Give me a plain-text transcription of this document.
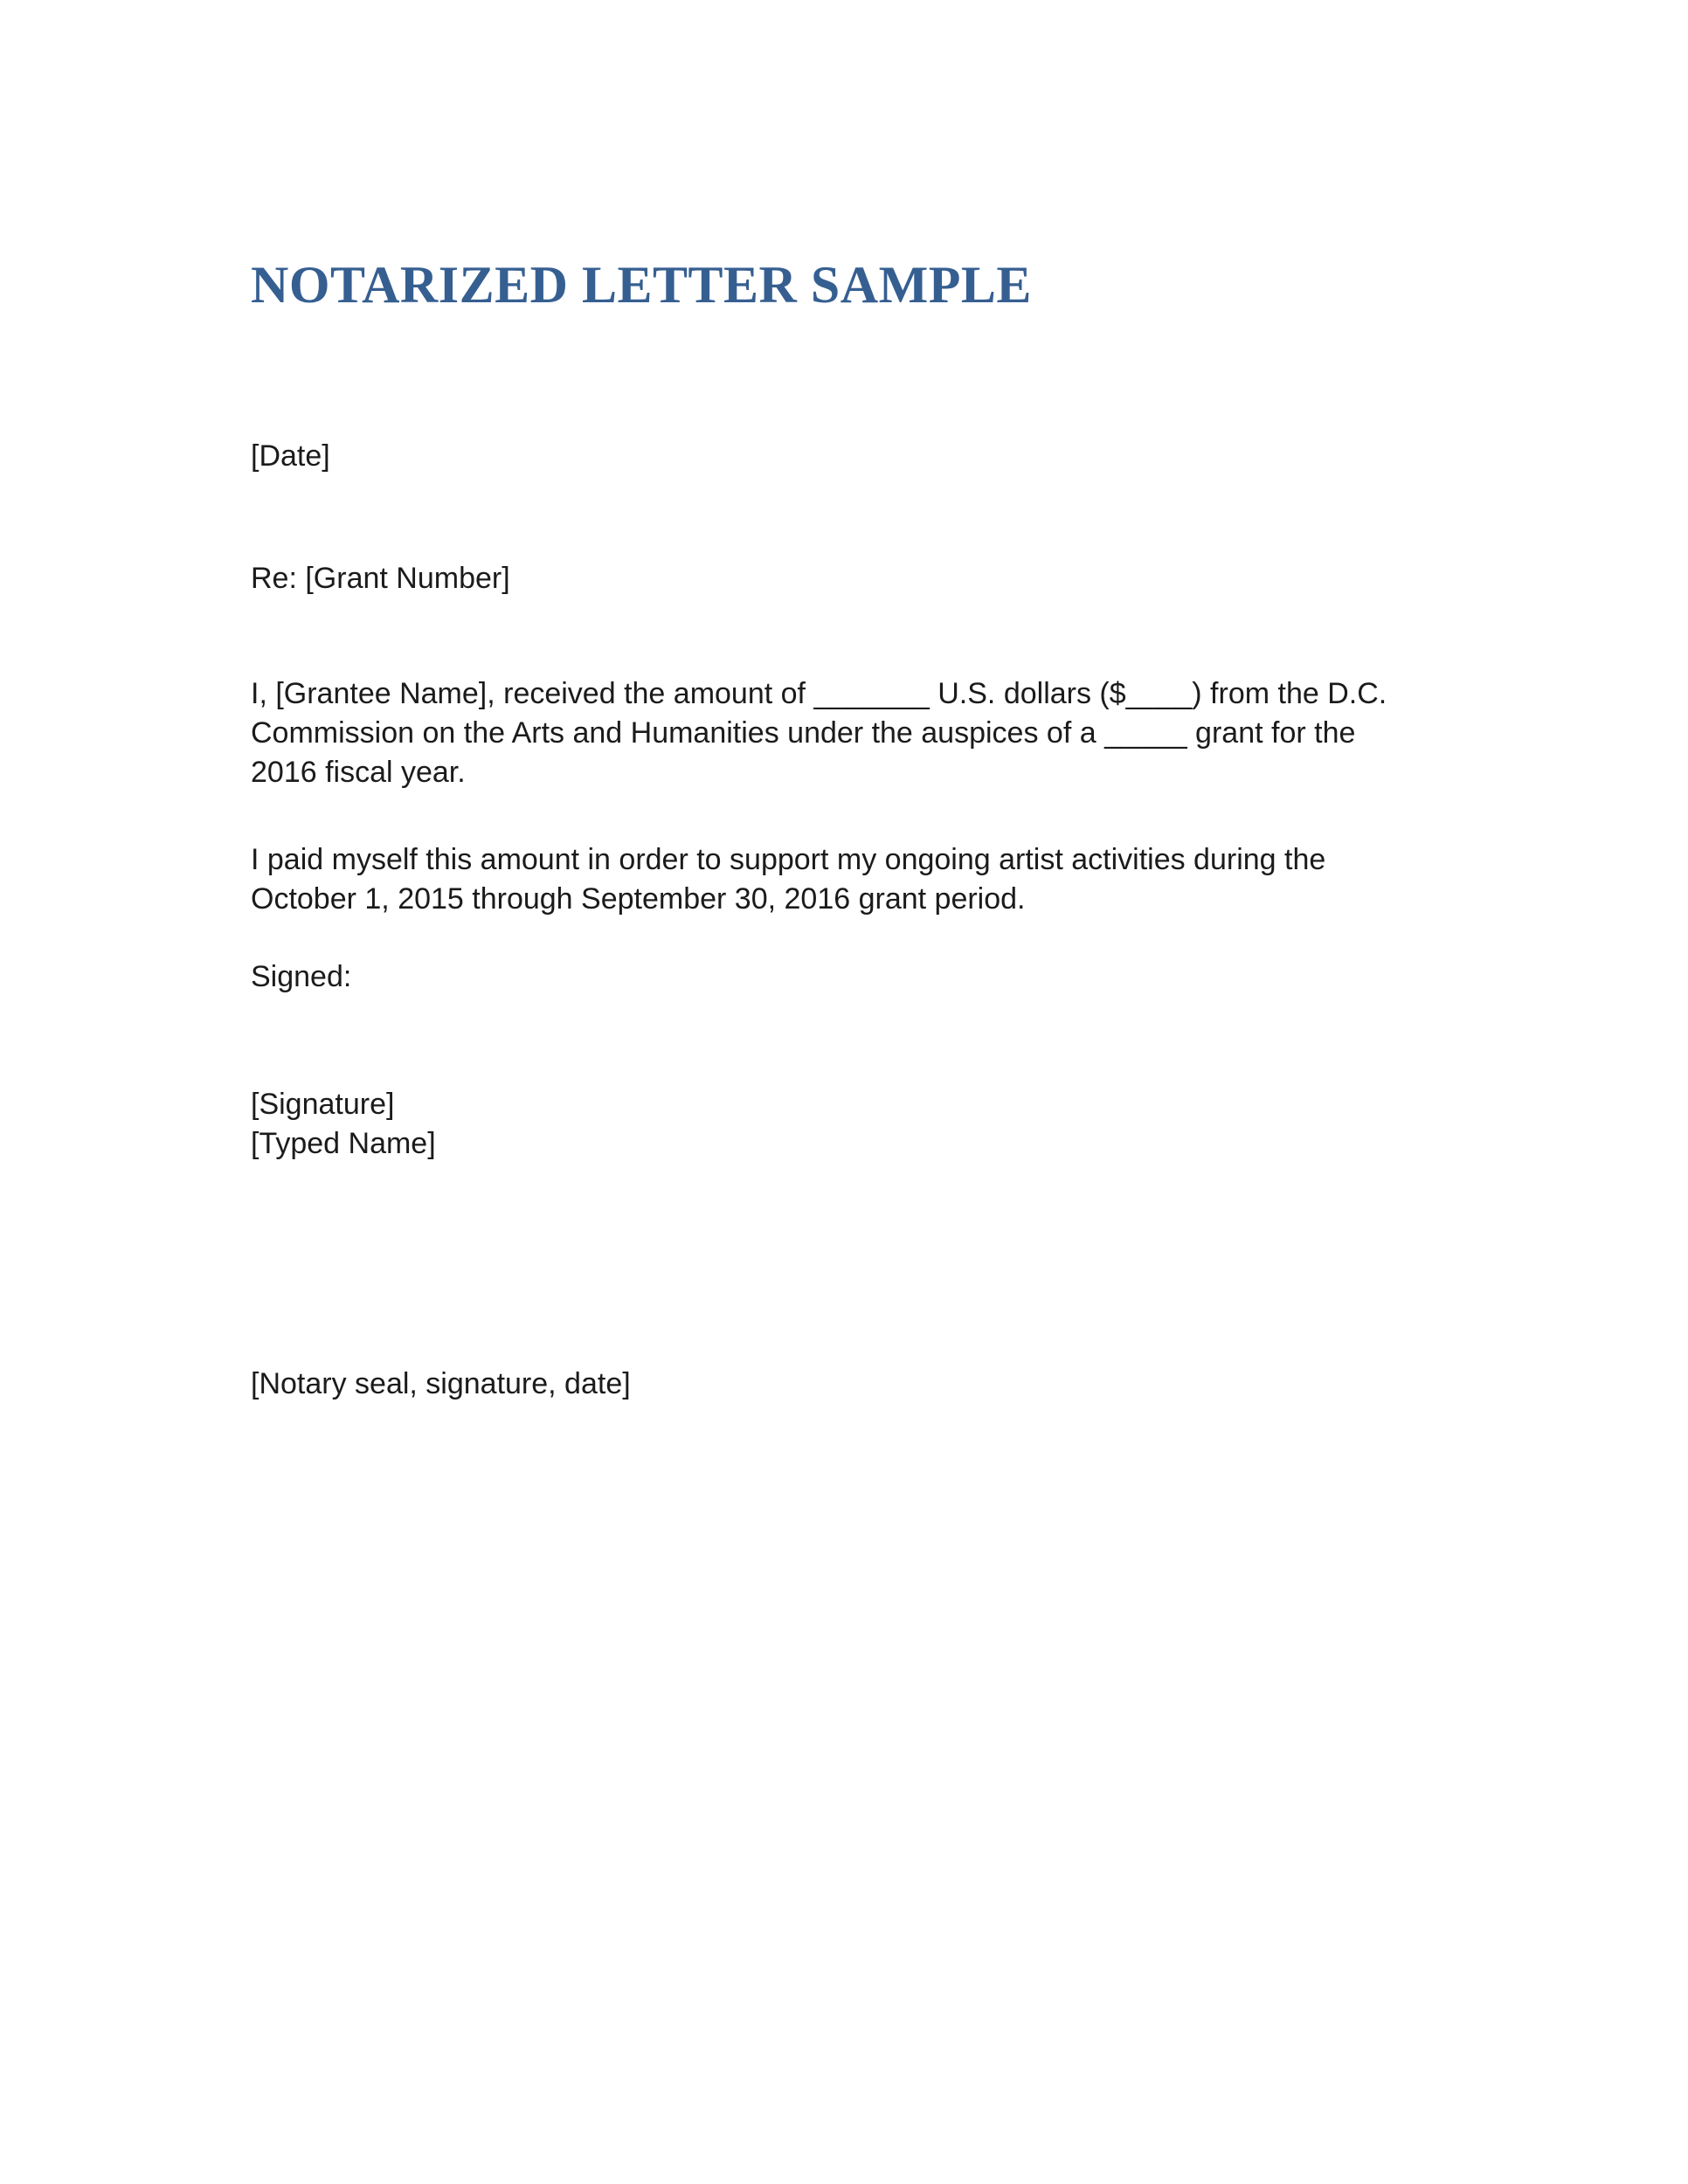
NOTARIZED LETTER SAMPLE
[Date]
Re: [Grant Number]
I, [Grantee Name], received the amount of _______ U.S. dollars ($____) from the D.C.
Commission on the Arts and Humanities under the auspices of a _____ grant for the
2016 fiscal year.
I paid myself this amount in order to support my ongoing artist activities during the
October 1, 2015 through September 30, 2016 grant period.
Signed:
[Signature]
[Typed Name]
[Notary seal, signature, date]
